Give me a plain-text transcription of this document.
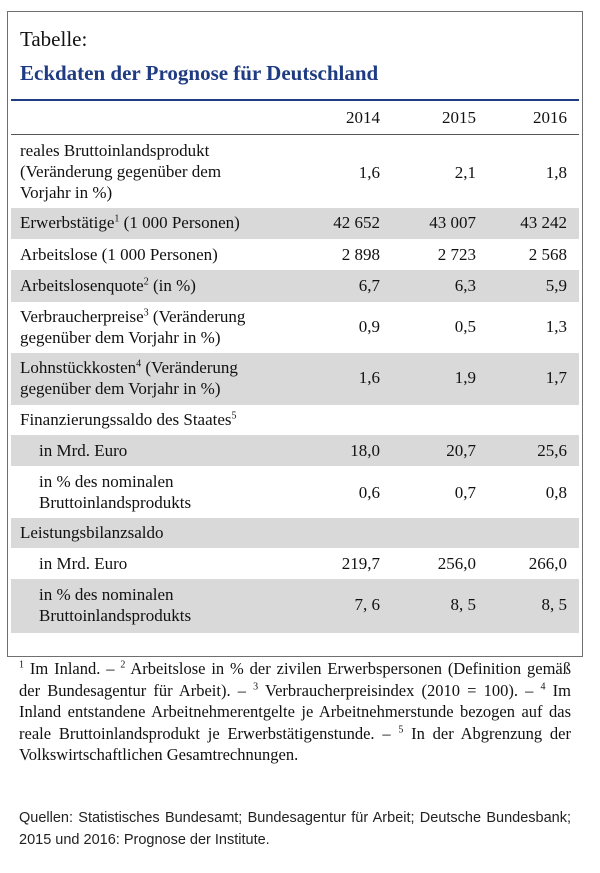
Tabelle:
Eckdaten der Prognose für Deutschland
2014	2015	2016
reales Bruttoinlandsprodukt
(Veränderung gegenüber dem
Vorjahr in %)
1,6	2,1	1,8
Erwerbstätige$^1$ (1 000 Personen)	42 652	43 007	43 242
Arbeitslose (1 000 Personen)	2 898	2 723	2 568
Arbeitslosenquote$^2$ (in %)	6,7	6,3	5,9
Verbraucherpreise$^3$ (Veränderung
gegenüber dem Vorjahr in %)
0,9	0,5	1,3
Lohnstückkosten$^4$ (Veränderung
gegenüber dem Vorjahr in %)
1,6	1,9	1,7
Finanzierungssaldo des Staates$^5$
in Mrd. Euro	18,0	20,7	25,6
in % des nominalen
Bruttoinlandsprodukts
0,6	0,7	0,8
Leistungsbilanzsaldo
in Mrd. Euro	219,7	256,0	266,0
in % des nominalen
Bruttoinlandsprodukts
7, 6	8, 5	8, 5
$^1$ Im Inland. – $^2$ Arbeitslose in % der zivilen Erwerbspersonen (Definition gemäß der Bundesagentur für Arbeit). – $^3$ Verbraucherpreisindex (2010 = 100). – $^4$ Im Inland entstandene Arbeitnehmerentgelte je Arbeitnehmerstunde bezogen auf das reale Bruttoinlandsprodukt je Erwerbstätigenstunde. – $^5$ In der Abgrenzung der Volkswirtschaftlichen Gesamtrechnungen.
Quellen: Statistisches Bundesamt; Bundesagentur für Arbeit; Deutsche Bundesbank; 2015 und 2016: Prognose der Institute.
